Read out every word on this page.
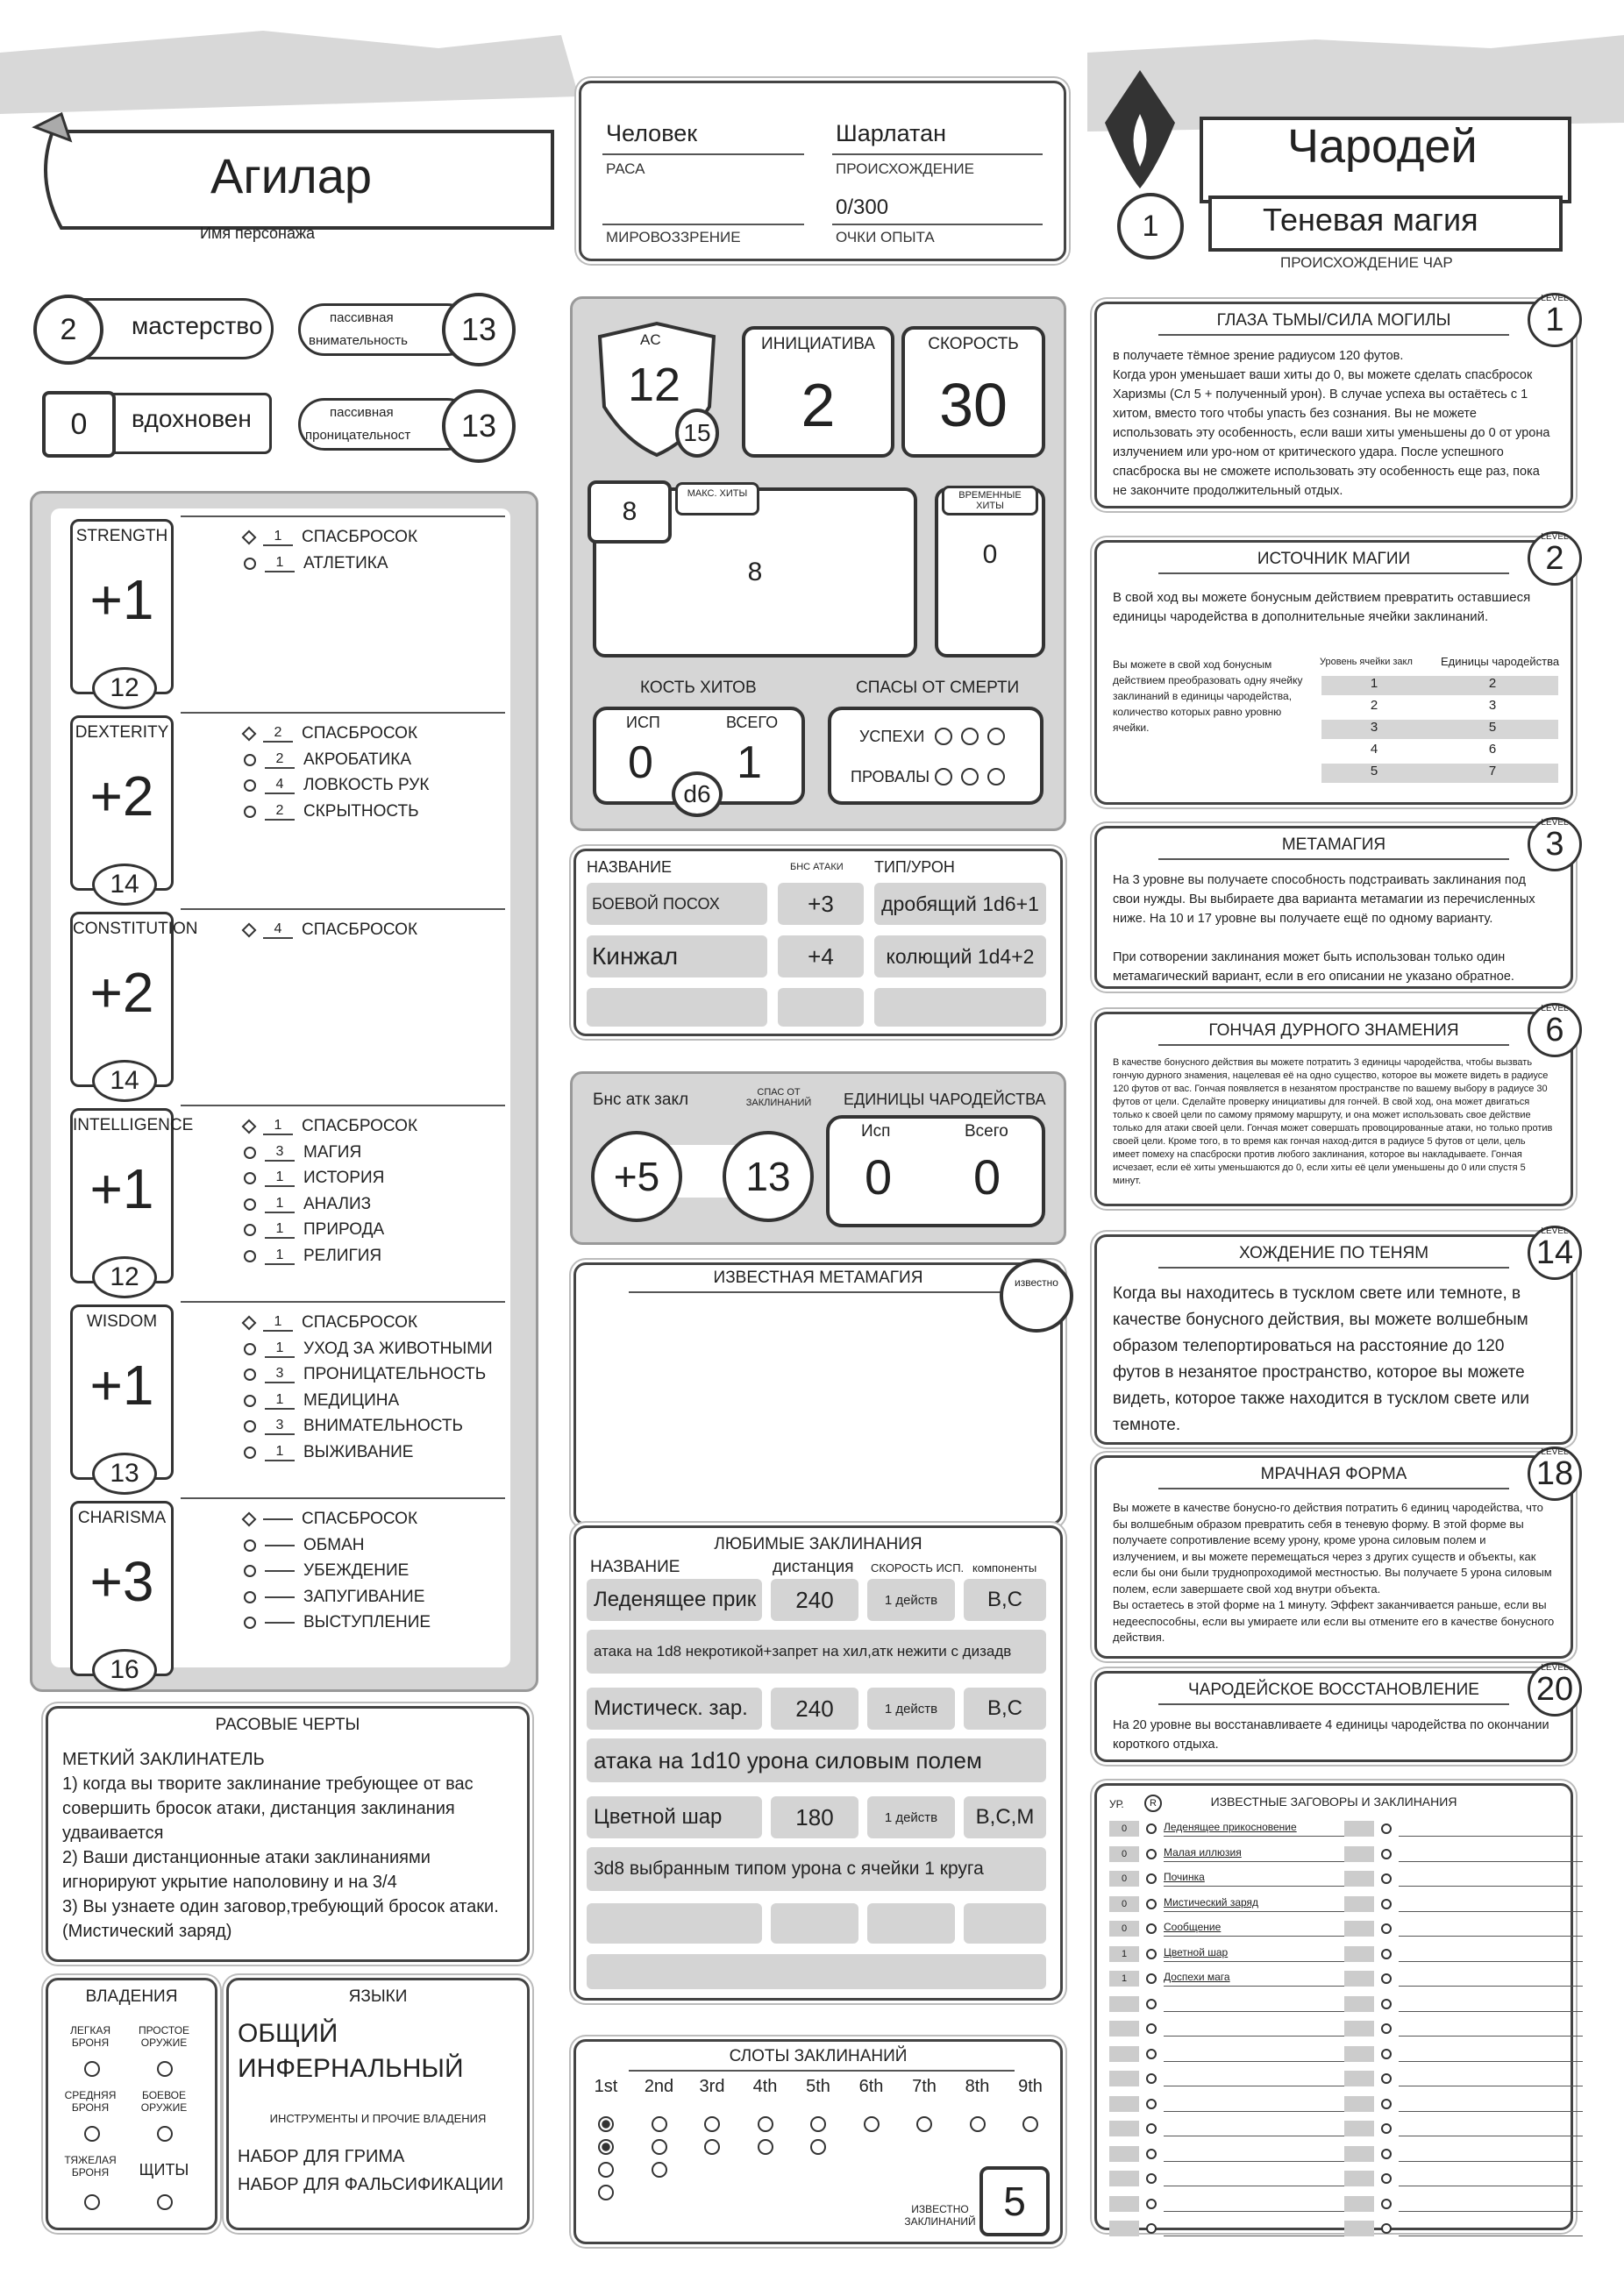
Агилар
Имя персонажа
Человек
РАСА
Шарлатан
ПРОИСХОЖДЕНИЕ
МИРОВОЗЗРЕНИЕ
0/300
ОЧКИ ОПЫТА
Чародей
1	Теневая магия
ПРОИСХОЖДЕНИЕ ЧАР
2	мастерство	пассивная
внимательность	13
0	вдохновен	пассивная
проницательност	13
STRENGTH
+1
12
1	СПАСБРОСОК
1	АТЛЕТИКА
DEXTERITY
+2
14
2	СПАСБРОСОК
2	АКРОБАТИКА
4	ЛОВКОСТЬ РУК
2	СКРЫТНОСТЬ
CONSTITUTION
+2
14
4	СПАСБРОСОК
INTELLIGENCE
+1
12
1	СПАСБРОСОК
3	МАГИЯ
1	ИСТОРИЯ
1	АНАЛИЗ
1	ПРИРОДА
1	РЕЛИГИЯ
WISDOM
+1
13
1	СПАСБРОСОК
1	УХОД ЗА ЖИВОТНЫМИ
3	ПРОНИЦАТЕЛЬНОСТЬ
1	МЕДИЦИНА
3	ВНИМАТЕЛЬНОСТЬ
1	ВЫЖИВАНИЕ
CHARISMA
+3
16
СПАСБРОСОК
ОБМАН
УБЕЖДЕНИЕ
ЗАПУГИВАНИЕ
ВЫСТУПЛЕНИЕ
РАСОВЫЕ ЧЕРТЫ
МЕТКИЙ ЗАКЛИНАТЕЛЬ
1) когда вы творите заклинание требующее от вас
совершить бросок атаки, дистанция заклинания
удваивается
2) Ваши дистанционные атаки заклинаниями
игнорируют укрытие наполовину и на 3/4
3) Вы узнаете один заговор,требующий бросок атаки.
(Мистический заряд)
ВЛАДЕНИЯ
ЛЕГКАЯ БРОНЯ
ПРОСТОЕ ОРУЖИЕ
СРЕДНЯЯ БРОНЯ
БОЕВОЕ ОРУЖИЕ
ТЯЖЕЛАЯ БРОНЯ	ЩИТЫ
ЯЗЫКИ
ОБЩИЙ
ИНФЕРНАЛЬНЫЙ
ИНСТРУМЕНТЫ И ПРОЧИЕ ВЛАДЕНИЯ
НАБОР ДЛЯ ГРИМА
НАБОР ДЛЯ ФАЛЬСИФИКАЦИИ
AC
12
15
ИНИЦИАТИВА
2
СКОРОСТЬ
30
8
8
МАКС. ХИТЫ	ВРЕМЕННЫЕ ХИТЫ
0
КОСТЬ ХИТОВ
ИСП	ВСЕГО
0 1
d6
СПАСЫ ОТ СМЕРТИ
УСПЕХИ
ПРОВАЛЫ
НАЗВАНИЕ	БНС АТАКИ ТИП/УРОН
БОЕВОЙ ПОСОХ	+3	дробящий 1d6+1
Кинжал	+4	колющий 1d4+2
Бнс атк закл	СПАС ОТ
ЗАКЛИНАНИЙ
+5	13
ЕДИНИЦЫ ЧАРОДЕЙСТВА
Исп	Всего
0 0
ИЗВЕСТНАЯ МЕТАМАГИЯ	известно
ЛЮБИМЫЕ ЗАКЛИНАНИЯ
НАЗВАНИЕ	дистанция СКОРОСТЬ ИСП. компоненты
Леденящее прик	240	1 действ	В,С
атака на 1d8 некротикой+запрет на хил,атк нежити с дизадв
Мистическ. зар.	240	1 действ	В,С
атака на 1d10 урона силовым полем
Цветной шар	180	1 действ	В,С,М
3d8 выбранным типом урона с ячейки 1 круга
СЛОТЫ ЗАКЛИНАНИЙ
1st	2nd 3rd	4th	5th	6th	7th	8th	9th
ИЗВЕСТНО
ЗАКЛИНАНИЙ 5
ГЛАЗА ТЬМЫ/СИЛА МОГИЛЫ
в получаете тёмное зрение радиусом 120 футов.
Когда урон уменьшает ваши хиты до 0, вы можете сделать спасбросок Харизмы (Сл 5 + полученный урон). В случае успеха вы остаётесь с 1 хитом, вместо того чтобы упасть без сознания. Вы не можете использовать эту особенность, если ваши хиты уменьшены до 0 от урона излучением или уро-ном от критического удара. После успешного спасброска вы не сможете использовать эту особенность еще раз, пока не закончите продолжительный отдых.
LEVEL
1
ИСТОЧНИК МАГИИ
В свой ход вы можете бонусным действием превратить оставшиеся единицы чародейства в дополнительные ячейки заклинаний.
Вы можете в свой ход бонусным действием преобразовать одну ячейку заклинаний в единицы чародейства, количество которых равно уровню ячейки.
Уровень ячейки закл Единицы чародейства
1	2
2	3
3	5
4	6
5	7
LEVEL
2
МЕТАМАГИЯ
На 3 уровне вы получаете способность подстраивать заклинания под свои нужды. Вы выбираете два варианта метамагии из перечисленных ниже. На 10 и 17 уровне вы получаете ещё по одному варианту.

При сотворении заклинания может быть использован только один метамагический вариант, если в его описании не указано обратное.
LEVEL
3
ГОНЧАЯ ДУРНОГО ЗНАМЕНИЯ
В качестве бонусного действия вы можете потратить 3 единицы чародейства, чтобы вызвать гончую дурного знамения, нацелевая её на одно существо, которое вы можете видеть в радиусе 120 футов от вас. Гончая появляется в незанятом пространстве по вашему выбору в радиусе 30 футов от цели. Сделайте проверку инициативы для гончей. В свой ход, она может двигаться только к своей цели по самому прямому маршруту, и она может использовать свое действие только для атаки своей цели. Гончая может совершать провоцированные атаки, но только против своей цели. Кроме того, в то время как гончая наход-дится в радиусе 5 футов от цели, цель имеет помеху на спасброски против любого заклинания, которое вы накладываете. Гончая исчезает, если её хиты уменьшаются до 0, если хиты её цели уменьшены до 0 или спустя 5 минут.
LEVEL
6
ХОЖДЕНИЕ ПО ТЕНЯМ
Когда вы находитесь в тусклом свете или темноте, в качестве бонусного действия, вы можете волшебным образом телепортироваться на расстояние до 120 футов в незанятое пространство, которое вы можете видеть, которое также находится в тусклом свете или темноте.
LEVEL
14
МРАЧНАЯ ФОРМА
Вы можете в качестве бонусно-го действия потратить 6 единиц чародейства, что бы волшебным образом превратить себя в теневую форму. В этой форме вы получаете сопротивление всему урону, кроме урона силовым полем и излучением, и вы можете перемещаться через з других существ и объекты, как если бы они были труднопроходимой местностью. Вы получаете 5 урона силовым полем, если завершаете свой ход внутри объекта.
Вы остаетесь в этой форме на 1 минуту. Эффект заканчивается раньше, если вы недееспособны, если вы умираете или если вы отмените его в качестве бонусного действия.
LEVEL
18
ЧАРОДЕЙСКОЕ ВОССТАНОВЛЕНИЕ
На 20 уровне вы восстанавливаете 4 единицы чародейства по окончании короткого отдыха.
LEVEL
20
УР.	R	ИЗВЕСТНЫЕ ЗАГОВОРЫ И ЗАКЛИНАНИЯ
0	Леденящее прикосновение
0	Малая иллюзия
0	Починка
0	Мистический заряд
0	Сообщение
1	Цветной шар
1	Доспехи мага
